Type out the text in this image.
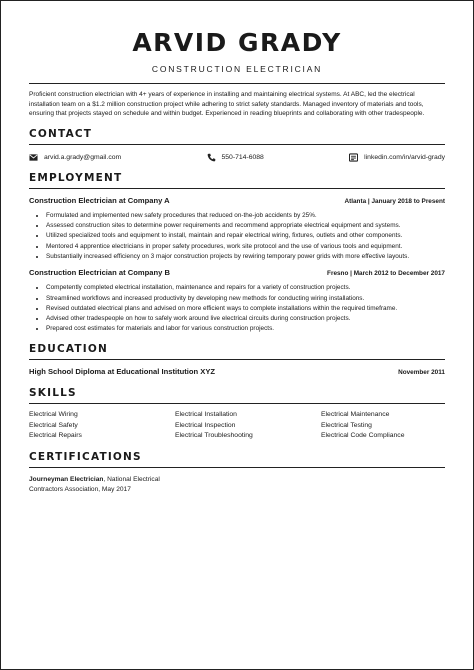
ARVID GRADY
CONSTRUCTION ELECTRICIAN

Proficient construction electrician with 4+ years of experience in installing and maintaining electrical systems. At ABC, led the electrical installation team on a $1.2 million construction project while adhering to strict safety standards. Managed inventory of materials and tools, ensuring that projects stayed on schedule and within budget. Experienced in reading blueprints and collaborating with other tradespeople.

CONTACT
arvid.a.grady@gmail.com	550-714-6088	linkedin.com/in/arvid-grady
EMPLOYMENT
Construction Electrician at Company A	Atlanta | January 2018 to Present
• Formulated and implemented new safety procedures that reduced on-the-job accidents by 25%.
• Assessed construction sites to determine power requirements and recommend appropriate electrical equipment and systems.
• Utilized specialized tools and equipment to install, maintain and repair electrical wiring, fixtures, outlets and other components.
• Mentored 4 apprentice electricians in proper safety procedures, work site protocol and the use of various tools and equipment.
• Substantially increased efficiency on 3 major construction projects by rewiring temporary power grids with more effective layouts.
Construction Electrician at Company B	Fresno | March 2012 to December 2017
• Competently completed electrical installation, maintenance and repairs for a variety of construction projects.
• Streamlined workflows and increased productivity by developing new methods for conducting wiring installations.
• Revised outdated electrical plans and advised on more efficient ways to complete installations within the required timeframe.
• Advised other tradespeople on how to safely work around live electrical circuits during construction projects.
• Prepared cost estimates for materials and labor for various construction projects.
EDUCATION
High School Diploma at Educational Institution XYZ	November 2011
SKILLS
Electrical Wiring	Electrical Installation	Electrical Maintenance
Electrical Safety	Electrical Inspection	Electrical Testing
Electrical Repairs	Electrical Troubleshooting	Electrical Code Compliance
CERTIFICATIONS
Journeyman Electrician, National Electrical
Contractors Association, May 2017
